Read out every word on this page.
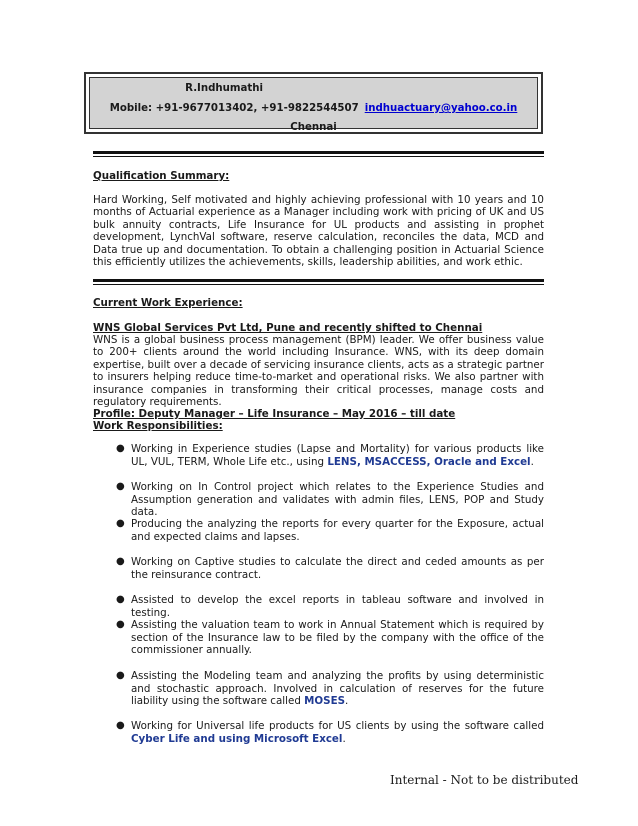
R.Indhumathi
Mobile: +91-9677013402, +91-9822544507 indhuactuary@yahoo.co.in
Chennai
Qualification Summary:
Hard Working, Self motivated and highly achieving professional with 10 years and 10 months of Actuarial experience as a Manager including work with pricing of UK and US bulk annuity contracts, Life Insurance for UL products and assisting in prophet development, LynchVal software, reserve calculation, reconciles the data, MCD and Data true up and documentation. To obtain a challenging position in Actuarial Science this efficiently utilizes the achievements, skills, leadership abilities, and work ethic.
Current Work Experience:
WNS Global Services Pvt Ltd, Pune and recently shifted to Chennai
WNS is a global business process management (BPM) leader. We offer business value to 200+ clients around the world including Insurance. WNS, with its deep domain expertise, built over a decade of servicing insurance clients, acts as a strategic partner to insurers helping reduce time-to-market and operational risks. We also partner with insurance companies in transforming their critical processes, manage costs and regulatory requirements.
Profile: Deputy Manager – Life Insurance – May 2016 – till date
Work Responsibilities:
● Working in Experience studies (Lapse and Mortality) for various products like UL, VUL, TERM, Whole Life etc., using LENS, MSACCESS, Oracle and Excel.
● Working on In Control project which relates to the Experience Studies and Assumption generation and validates with admin files, LENS, POP and Study data.
● Producing the analyzing the reports for every quarter for the Exposure, actual and expected claims and lapses.
● Working on Captive studies to calculate the direct and ceded amounts as per the reinsurance contract.
● Assisted to develop the excel reports in tableau software and involved in testing.
● Assisting the valuation team to work in Annual Statement which is required by section of the Insurance law to be filed by the company with the office of the commissioner annually.
● Assisting the Modeling team and analyzing the profits by using deterministic and stochastic approach. Involved in calculation of reserves for the future liability using the software called MOSES.
● Working for Universal life products for US clients by using the software called Cyber Life and using Microsoft Excel.
Internal - Not to be distributed
